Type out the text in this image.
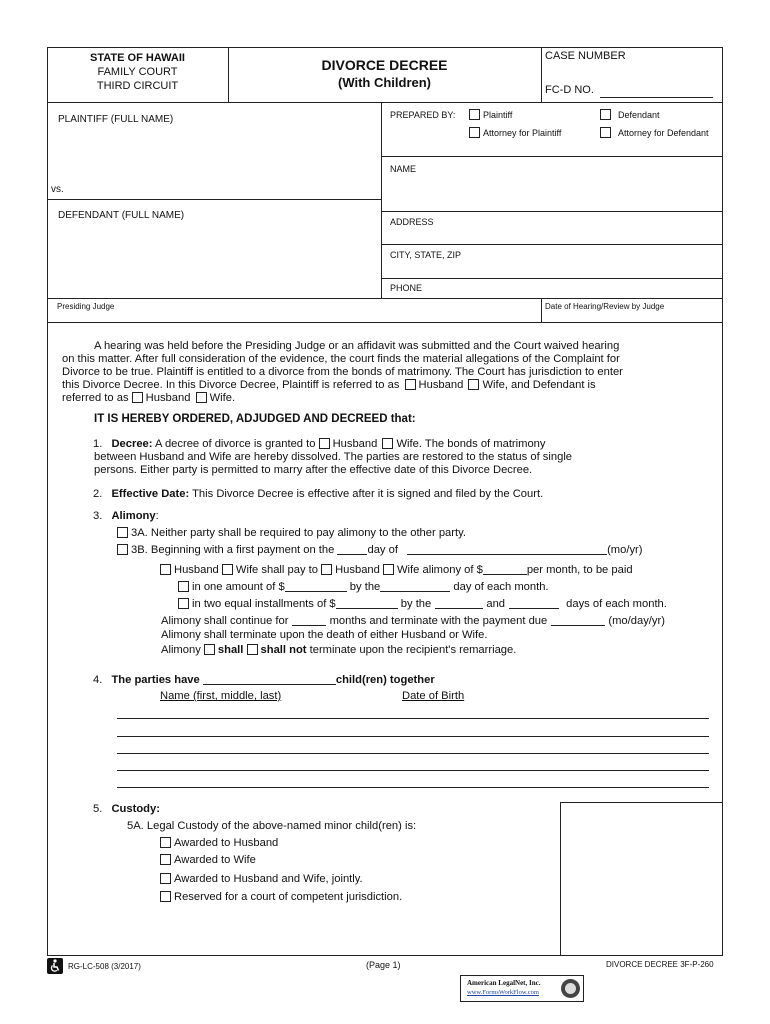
STATE OF HAWAII
FAMILY COURT
THIRD CIRCUIT
DIVORCE DECREE
(With Children)
CASE NUMBER
FC-D NO.
PLAINTIFF (FULL NAME)
vs.
DEFENDANT (FULL NAME)
PREPARED BY:	Plaintiff	Defendant
Attorney for Plaintiff	Attorney for Defendant
NAME
ADDRESS
CITY, STATE, ZIP
PHONE
Presiding Judge	Date of Hearing/Review by Judge
A hearing was held before the Presiding Judge or an affidavit was submitted and the Court waived hearing
on this matter. After full consideration of the evidence, the court finds the material allegations of the Complaint for
Divorce to be true. Plaintiff is entitled to a divorce from the bonds of matrimony. The Court has jurisdiction to enter
this Divorce Decree. In this Divorce Decree, Plaintiff is referred to as Husband Wife, and Defendant is
referred to as Husband Wife.
IT IS HEREBY ORDERED, ADJUDGED AND DECREED that:
1. Decree: A decree of divorce is granted to Husband Wife. The bonds of matrimony
between Husband and Wife are hereby dissolved. The parties are restored to the status of single
persons. Either party is permitted to marry after the effective date of this Divorce Decree.
2. Effective Date: This Divorce Decree is effective after it is signed and filed by the Court.
3. Alimony:
3A. Neither party shall be required to pay alimony to the other party.
3B. Beginning with a first payment on the	day of	(mo/yr)
Husband Wife shall pay to Husband Wife alimony of $	per month, to be paid
in one amount of $	by the	day of each month.
in two equal installments of $	by the	and	days of each month.
Alimony shall continue for	months and terminate with the payment due	(mo/day/yr)
Alimony shall terminate upon the death of either Husband or Wife.
Alimony shall shall not terminate upon the recipient's remarriage.
4. The parties have	child(ren) together
Name (first, middle, last)	Date of Birth
5. Custody:
5A. Legal Custody of the above-named minor child(ren) is:
Awarded to Husband
Awarded to Wife
Awarded to Husband and Wife, jointly.
Reserved for a court of competent jurisdiction.
RG-LC-508 (3/2017)	(Page 1)	DIVORCE DECREE 3F-P-260
American LegalNet, Inc.
www.FormsWorkFlow.com
